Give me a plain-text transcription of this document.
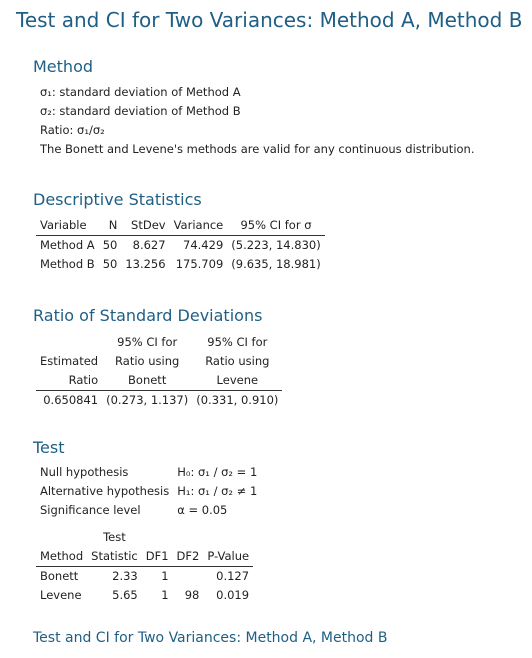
Test and CI for Two Variances: Method A, Method B
Method

σ₁: standard deviation of Method A

σ₂: standard deviation of Method B

Ratio: σ₁/σ₂

The Bonett and Levene's methods are valid for any continuous distribution.

Descriptive Statistics
Variable	N	StDev	Variance	95% CI for σ
Method A	50	8.627	74.429	(5.223, 14.830)
Method B	50	13.256	175.709	(9.635, 18.981)
Ratio of Standard Deviations
	95% CI for	95% CI for
Estimated	Ratio using	Ratio using
Ratio	Bonett	Levene
0.650841	(0.273, 1.137)	(0.331, 0.910)
Test
Null hypothesis	H₀: σ₁ / σ₂ = 1
Alternative hypothesis	H₁: σ₁ / σ₂ ≠ 1
Significance level	α = 0.05
	Test			
Method	Statistic	DF1	DF2	P-Value
Bonett	2.33	1		0.127
Levene	5.65	1	98	0.019

Test and CI for Two Variances: Method A, Method B
